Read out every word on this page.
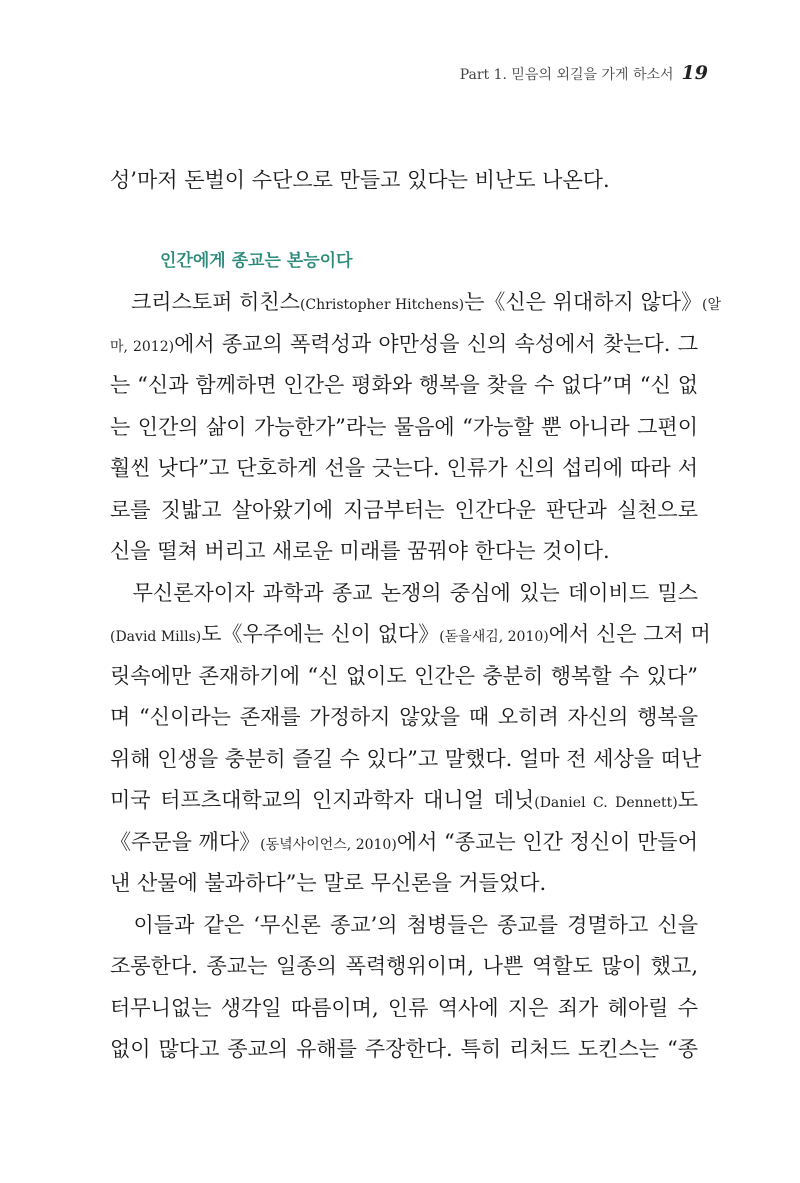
Part 1. 믿음의 외길을 가게 하소서 19

성’마저 돈벌이 수단으로 만들고 있다는 비난도 나온다.

인간에게 종교는 본능이다

　크리스토퍼 히친스(Christopher Hitchens)는《신은 위대하지 않다》(알

마, 2012)에서 종교의 폭력성과 야만성을 신의 속성에서 찾는다. 그

는 “신과 함께하면 인간은 평화와 행복을 찾을 수 없다”며 “신 없

는 인간의 삶이 가능한가”라는 물음에 “가능할 뿐 아니라 그편이

훨씬 낫다”고 단호하게 선을 긋는다. 인류가 신의 섭리에 따라 서

로를 짓밟고 살아왔기에 지금부터는 인간다운 판단과 실천으로

신을 떨쳐 버리고 새로운 미래를 꿈꿔야 한다는 것이다.

　무신론자이자 과학과 종교 논쟁의 중심에 있는 데이비드 밀스

(David Mills)도《우주에는 신이 없다》(돋을새김, 2010)에서 신은 그저 머

릿속에만 존재하기에 “신 없이도 인간은 충분히 행복할 수 있다”

며 “신이라는 존재를 가정하지 않았을 때 오히려 자신의 행복을

위해 인생을 충분히 즐길 수 있다”고 말했다. 얼마 전 세상을 떠난

미국 터프츠대학교의 인지과학자 대니얼 데닛(Daniel C. Dennett)도

《주문을 깨다》(동녘사이언스, 2010)에서 “종교는 인간 정신이 만들어

낸 산물에 불과하다”는 말로 무신론을 거들었다.

　이들과 같은 ‘무신론 종교’의 첨병들은 종교를 경멸하고 신을

조롱한다. 종교는 일종의 폭력행위이며, 나쁜 역할도 많이 했고,

터무니없는 생각일 따름이며, 인류 역사에 지은 죄가 헤아릴 수

없이 많다고 종교의 유해를 주장한다. 특히 리처드 도킨스는 “종
